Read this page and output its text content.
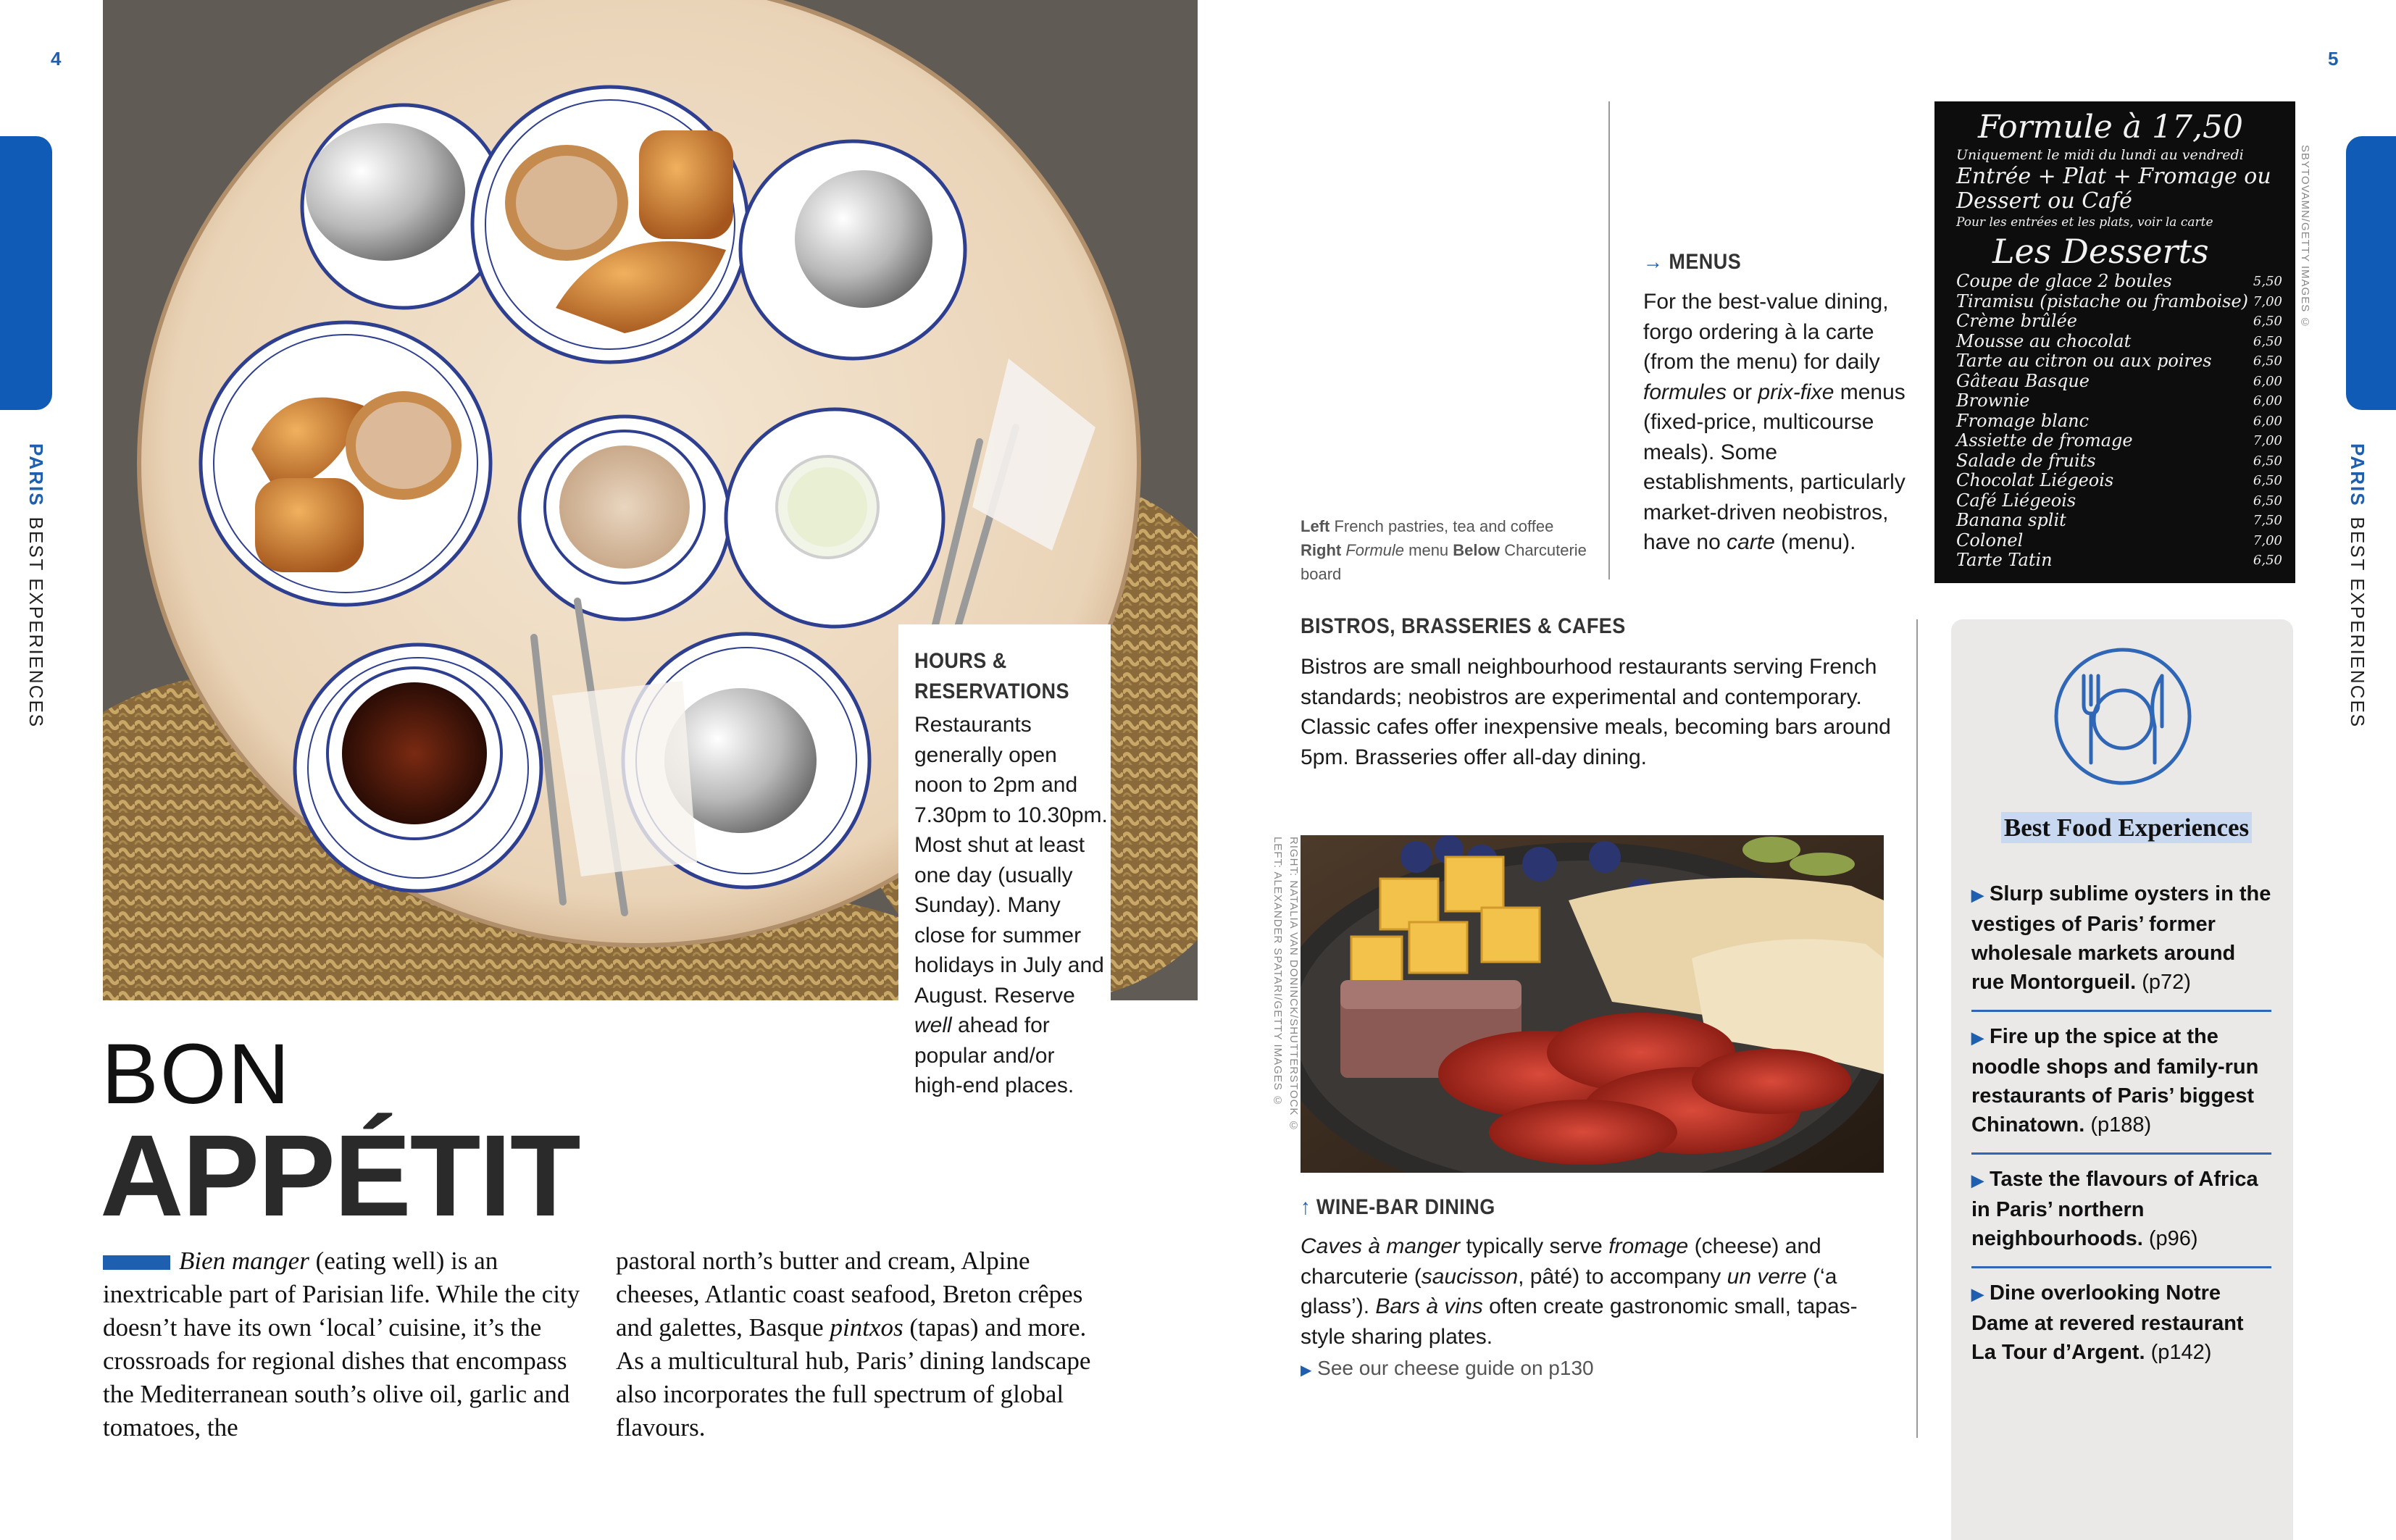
4
PARISBEST EXPERIENCES	HOURS &
RESERVATIONS
Restaurants generally open noon to 2pm and 7.30pm to 10.30pm. Most shut at least one day (usually Sunday). Many close for summer holidays in July and August. Reserve well ahead for popular and/or high-end places.
BON
APPÉTIT
Bien manger (eating well) is an inextricable part of Parisian life. While the city doesn’t have its own ‘local’ cuisine, it’s the crossroads for regional dishes that encompass the Mediterranean south’s olive oil, garlic and tomatoes, the
pastoral north’s butter and cream, Alpine cheeses, Atlantic coast seafood, Breton crêpes and galettes, Basque pintxos (tapas) and more. As a multicultural hub, Paris’ dining landscape also incorporates the full spectrum of global flavours.
5
PARISBEST EXPERIENCES
Left French pastries, tea and coffee
Right Formule menu Below Charcuterie board
→ MENUS
For the best-value dining, forgo ordering à la carte (from the menu) for daily formules or prix-fixe menus (fixed-price, multicourse meals). Some establishments, particularly market-driven neobistros, have no carte (menu).
Formule à 17,50
Uniquement le midi du lundi au vendredi
Entrée + Plat + Fromage ou
Dessert ou Café
Pour les entrées et les plats, voir la carte
Les Desserts
Coupe de glace 2 boules	5,50
Tiramisu (pistache ou framboise) 7,00
Crème brûlée	6,50
Mousse au chocolat	6,50
Tarte au citron ou aux poires	6,50
Gâteau Basque	6,00
Brownie	6,00
Fromage blanc	6,00
Assiette de fromage	7,00
Salade de fruits	6,50
Chocolat Liégeois	6,50
Café Liégeois	6,50
Banana split	7,50
Colonel	7,00
Tarte Tatin	6,50
SBYTOVAMN/GETTY IMAGES ©
BISTROS, BRASSERIES & CAFES
Bistros are small neighbourhood restaurants serving French standards; neobistros are experimental and contemporary. Classic cafes offer inexpensive meals, becoming bars around 5pm. Brasseries offer all-day dining.
RIGHT: NATALIA VAN DONINCK/SHUTTERSTOCK ©
LEFT: ALEXANDER SPATARI/GETTY IMAGES ©
↑ WINE-BAR DINING
Caves à manger typically serve fromage (cheese) and charcuterie (saucisson, pâté) to accompany un verre (‘a glass’). Bars à vins often create gastronomic small, tapas-style sharing plates.
▶ See our cheese guide on p130
Best Food Experiences
▶ Slurp sublime oysters in the vestiges of Paris’ former wholesale markets around rue Montorgueil. (p72)
▶ Fire up the spice at the noodle shops and family-run restaurants of Paris’ biggest Chinatown. (p188)
▶ Taste the flavours of Africa in Paris’ northern neighbourhoods. (p96)
▶ Dine overlooking Notre Dame at revered restaurant La Tour d’Argent. (p142)
